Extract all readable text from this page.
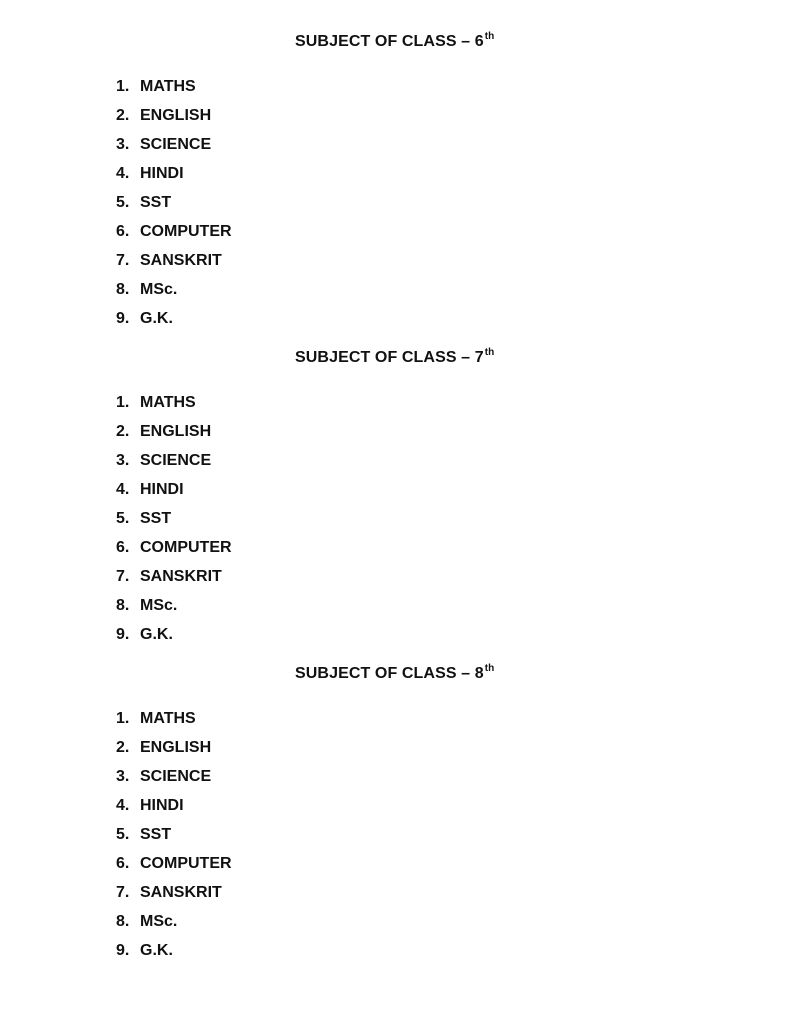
SUBJECT OF CLASS – 6th
1. MATHS
2. ENGLISH
3. SCIENCE
4. HINDI
5. SST
6. COMPUTER
7. SANSKRIT
8. MSc.
9. G.K.
SUBJECT OF CLASS – 7th
1. MATHS
2. ENGLISH
3. SCIENCE
4. HINDI
5. SST
6. COMPUTER
7. SANSKRIT
8. MSc.
9. G.K.
SUBJECT OF CLASS – 8th
1. MATHS
2. ENGLISH
3. SCIENCE
4. HINDI
5. SST
6. COMPUTER
7. SANSKRIT
8. MSc.
9. G.K.
